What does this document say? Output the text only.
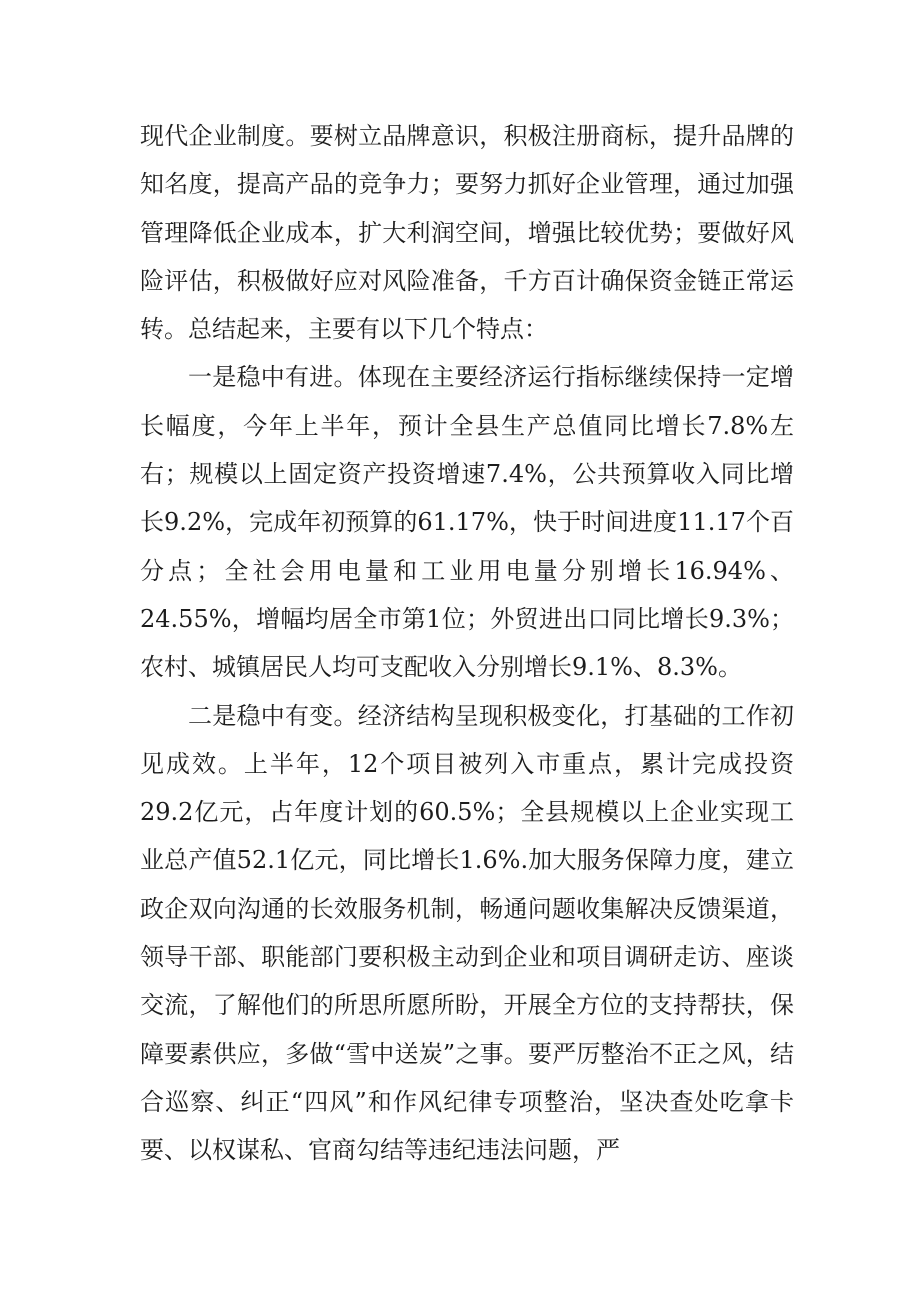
现代企业制度。要树立品牌意识，积极注册商标，提升品牌的知名度，提高产品的竞争力；要努力抓好企业管理，通过加强管理降低企业成本，扩大利润空间，增强比较优势；要做好风险评估，积极做好应对风险准备，千方百计确保资金链正常运转。总结起来，主要有以下几个特点：

一是稳中有进。体现在主要经济运行指标继续保持一定增长幅度，今年上半年，预计全县生产总值同比增长7.8%左右；规模以上固定资产投资增速7.4%，公共预算收入同比增长9.2%，完成年初预算的61.17%，快于时间进度11.17个百分点；全社会用电量和工业用电量分别增长16.94%、24.55%，增幅均居全市第1位；外贸进出口同比增长9.3%；农村、城镇居民人均可支配收入分别增长9.1%、8.3%。

二是稳中有变。经济结构呈现积极变化，打基础的工作初见成效。上半年，12个项目被列入市重点，累计完成投资29.2亿元，占年度计划的60.5%；全县规模以上企业实现工业总产值52.1亿元，同比增长1.6%.加大服务保障力度，建立政企双向沟通的长效服务机制，畅通问题收集解决反馈渠道，领导干部、职能部门要积极主动到企业和项目调研走访、座谈交流，了解他们的所思所愿所盼，开展全方位的支持帮扶，保障要素供应，多做“雪中送炭”之事。要严厉整治不正之风，结合巡察、纠正“四风”和作风纪律专项整治，坚决查处吃拿卡要、以权谋私、官商勾结等违纪违法问题，严
